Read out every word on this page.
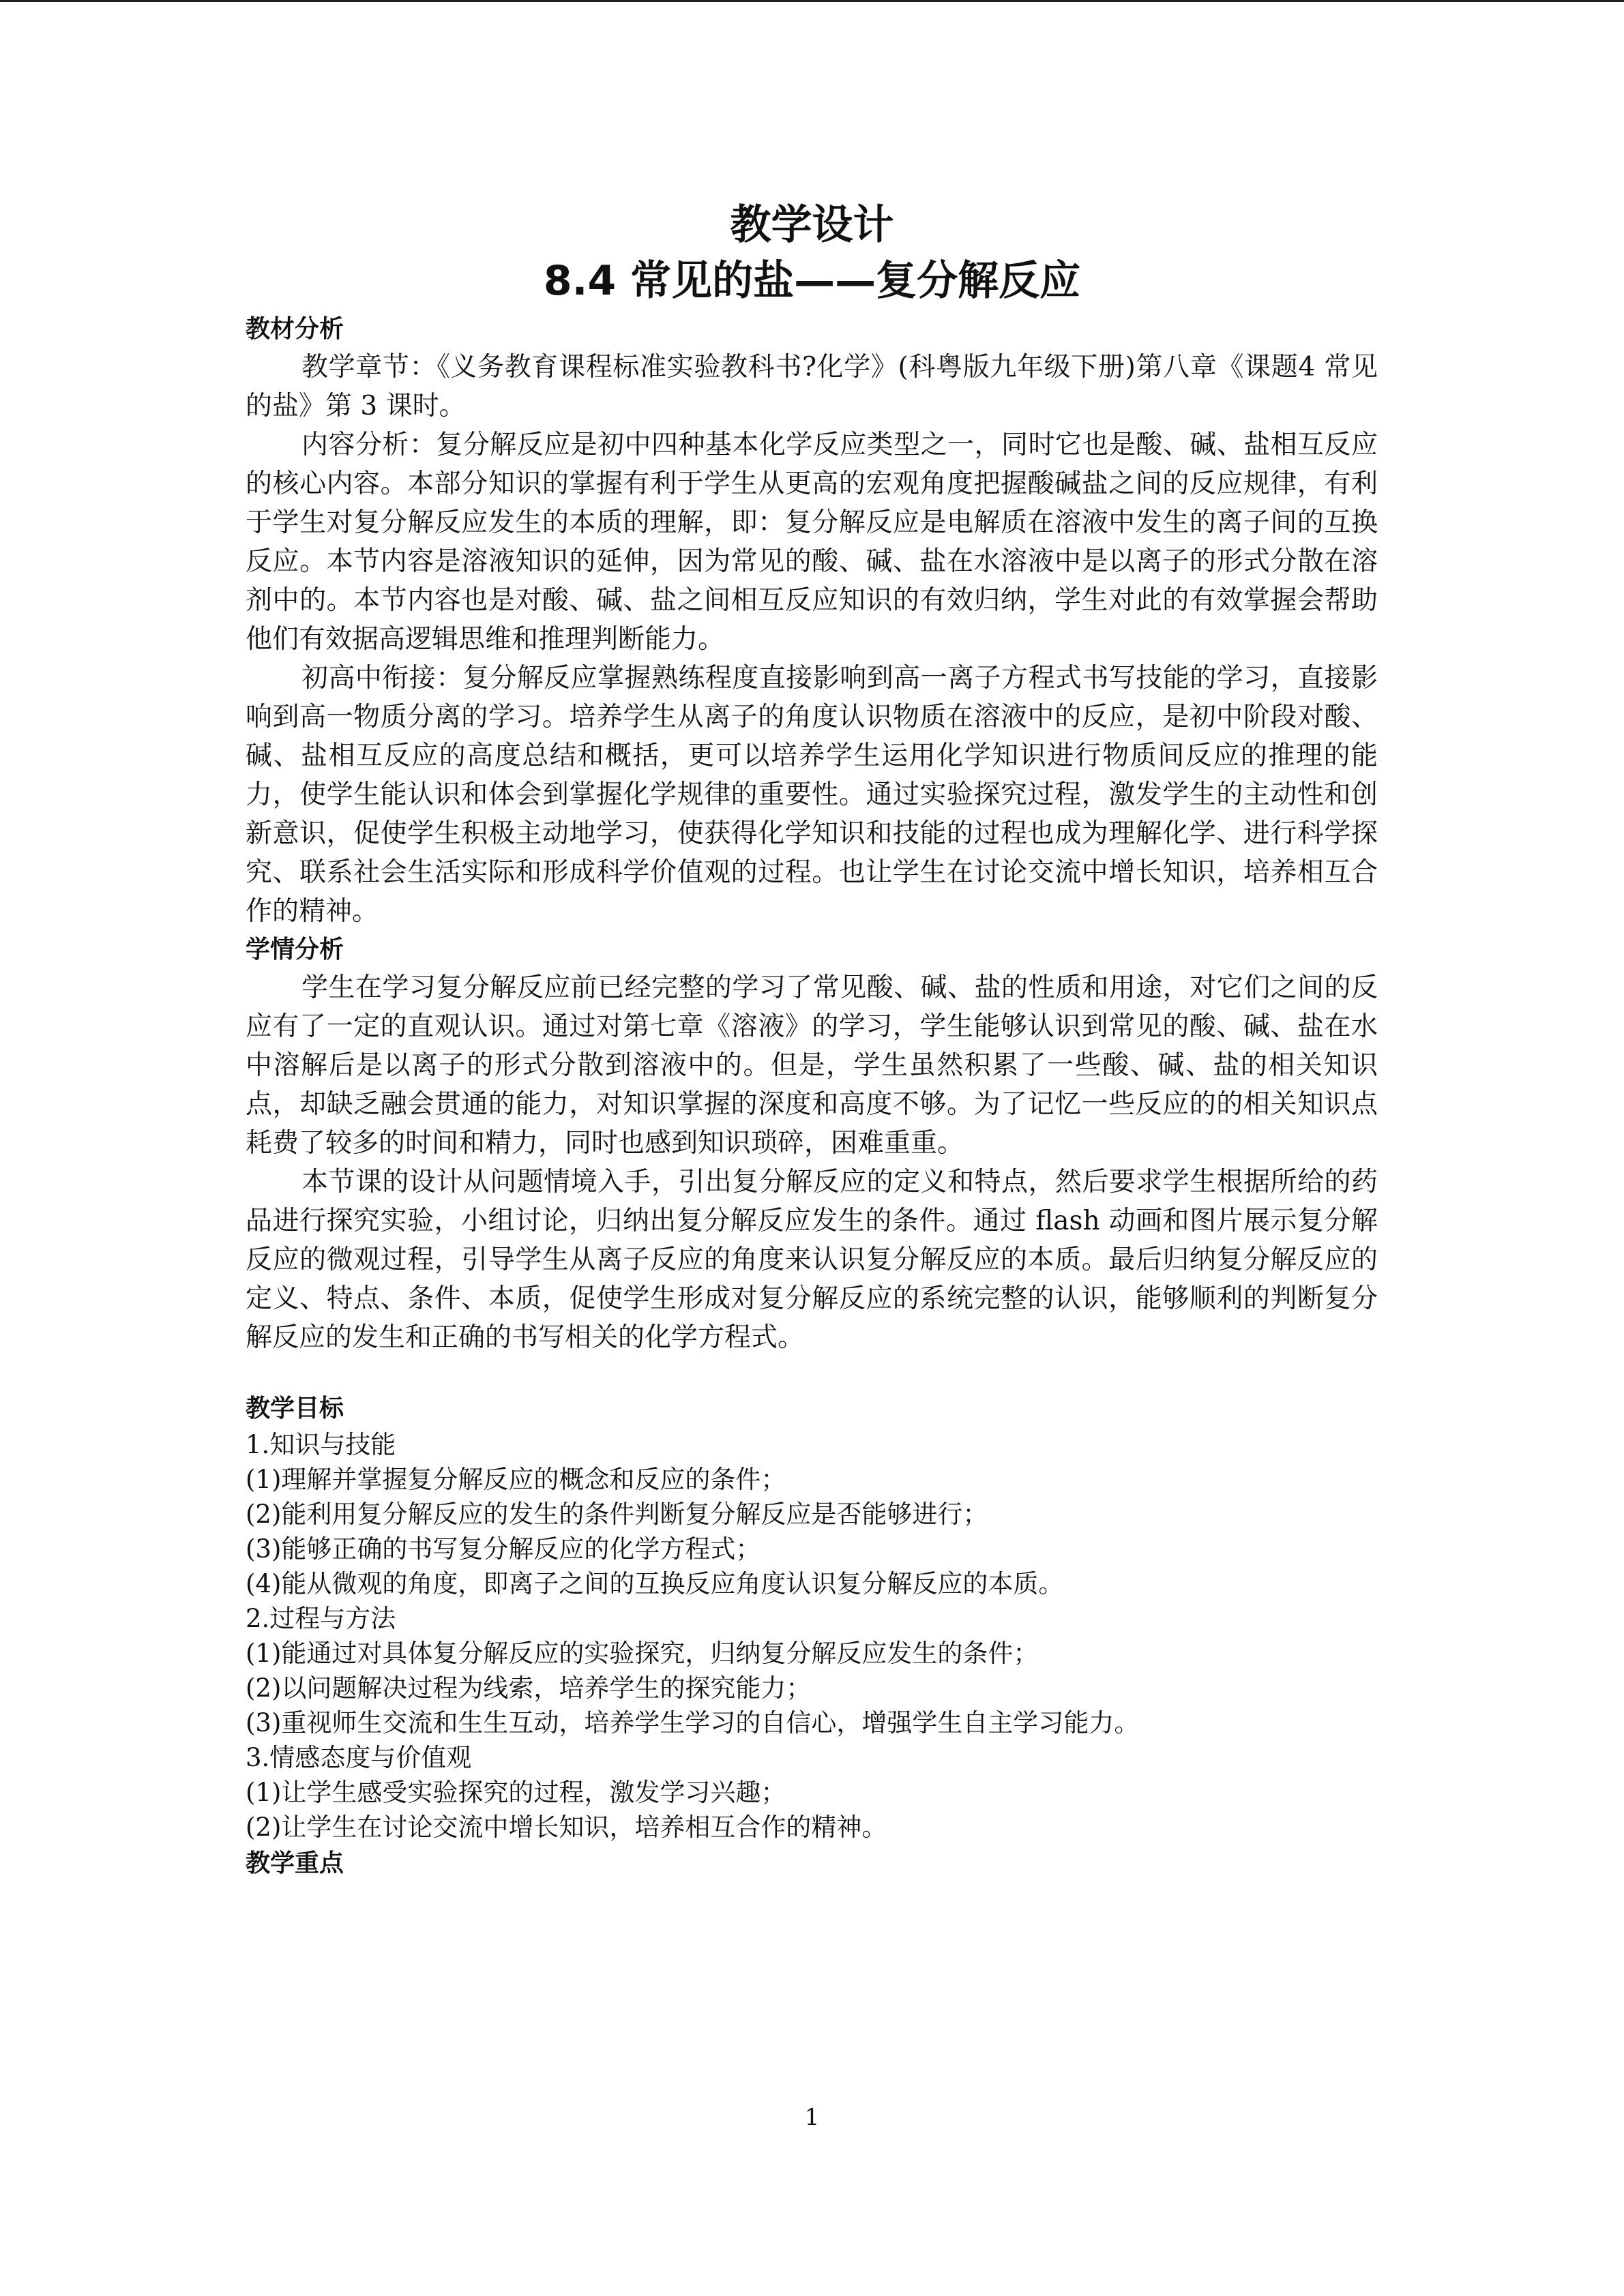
教学设计
8.4 常见的盐——复分解反应
教材分析

教学章节：《义务教育课程标准实验教科书?化学》(科粤版九年级下册)第八章《课题4 常见的盐》第 3 课时。

内容分析：复分解反应是初中四种基本化学反应类型之一，同时它也是酸、碱、盐相互反应的核心内容。本部分知识的掌握有利于学生从更高的宏观角度把握酸碱盐之间的反应规律，有利于学生对复分解反应发生的本质的理解，即：复分解反应是电解质在溶液中发生的离子间的互换反应。本节内容是溶液知识的延伸，因为常见的酸、碱、盐在水溶液中是以离子的形式分散在溶剂中的。本节内容也是对酸、碱、盐之间相互反应知识的有效归纳，学生对此的有效掌握会帮助他们有效据高逻辑思维和推理判断能力。

初高中衔接：复分解反应掌握熟练程度直接影响到高一离子方程式书写技能的学习，直接影响到高一物质分离的学习。培养学生从离子的角度认识物质在溶液中的反应，是初中阶段对酸、碱、盐相互反应的高度总结和概括，更可以培养学生运用化学知识进行物质间反应的推理的能力，使学生能认识和体会到掌握化学规律的重要性。通过实验探究过程，激发学生的主动性和创新意识，促使学生积极主动地学习，使获得化学知识和技能的过程也成为理解化学、进行科学探究、联系社会生活实际和形成科学价值观的过程。也让学生在讨论交流中增长知识，培养相互合作的精神。

学情分析

学生在学习复分解反应前已经完整的学习了常见酸、碱、盐的性质和用途，对它们之间的反应有了一定的直观认识。通过对第七章《溶液》的学习，学生能够认识到常见的酸、碱、盐在水中溶解后是以离子的形式分散到溶液中的。但是，学生虽然积累了一些酸、碱、盐的相关知识点，却缺乏融会贯通的能力，对知识掌握的深度和高度不够。为了记忆一些反应的的相关知识点耗费了较多的时间和精力，同时也感到知识琐碎，困难重重。

本节课的设计从问题情境入手，引出复分解反应的定义和特点，然后要求学生根据所给的药品进行探究实验，小组讨论，归纳出复分解反应发生的条件。通过 flash 动画和图片展示复分解反应的微观过程，引导学生从离子反应的角度来认识复分解反应的本质。最后归纳复分解反应的定义、特点、条件、本质，促使学生形成对复分解反应的系统完整的认识，能够顺利的判断复分解反应的发生和正确的书写相关的化学方程式。

教学目标

1.知识与技能

(1)理解并掌握复分解反应的概念和反应的条件；

(2)能利用复分解反应的发生的条件判断复分解反应是否能够进行；

(3)能够正确的书写复分解反应的化学方程式；

(4)能从微观的角度，即离子之间的互换反应角度认识复分解反应的本质。

2.过程与方法

(1)能通过对具体复分解反应的实验探究，归纳复分解反应发生的条件；

(2)以问题解决过程为线索，培养学生的探究能力；

(3)重视师生交流和生生互动，培养学生学习的自信心，增强学生自主学习能力。

3.情感态度与价值观

(1)让学生感受实验探究的过程，激发学习兴趣；

(2)让学生在讨论交流中增长知识，培养相互合作的精神。

教学重点

1
